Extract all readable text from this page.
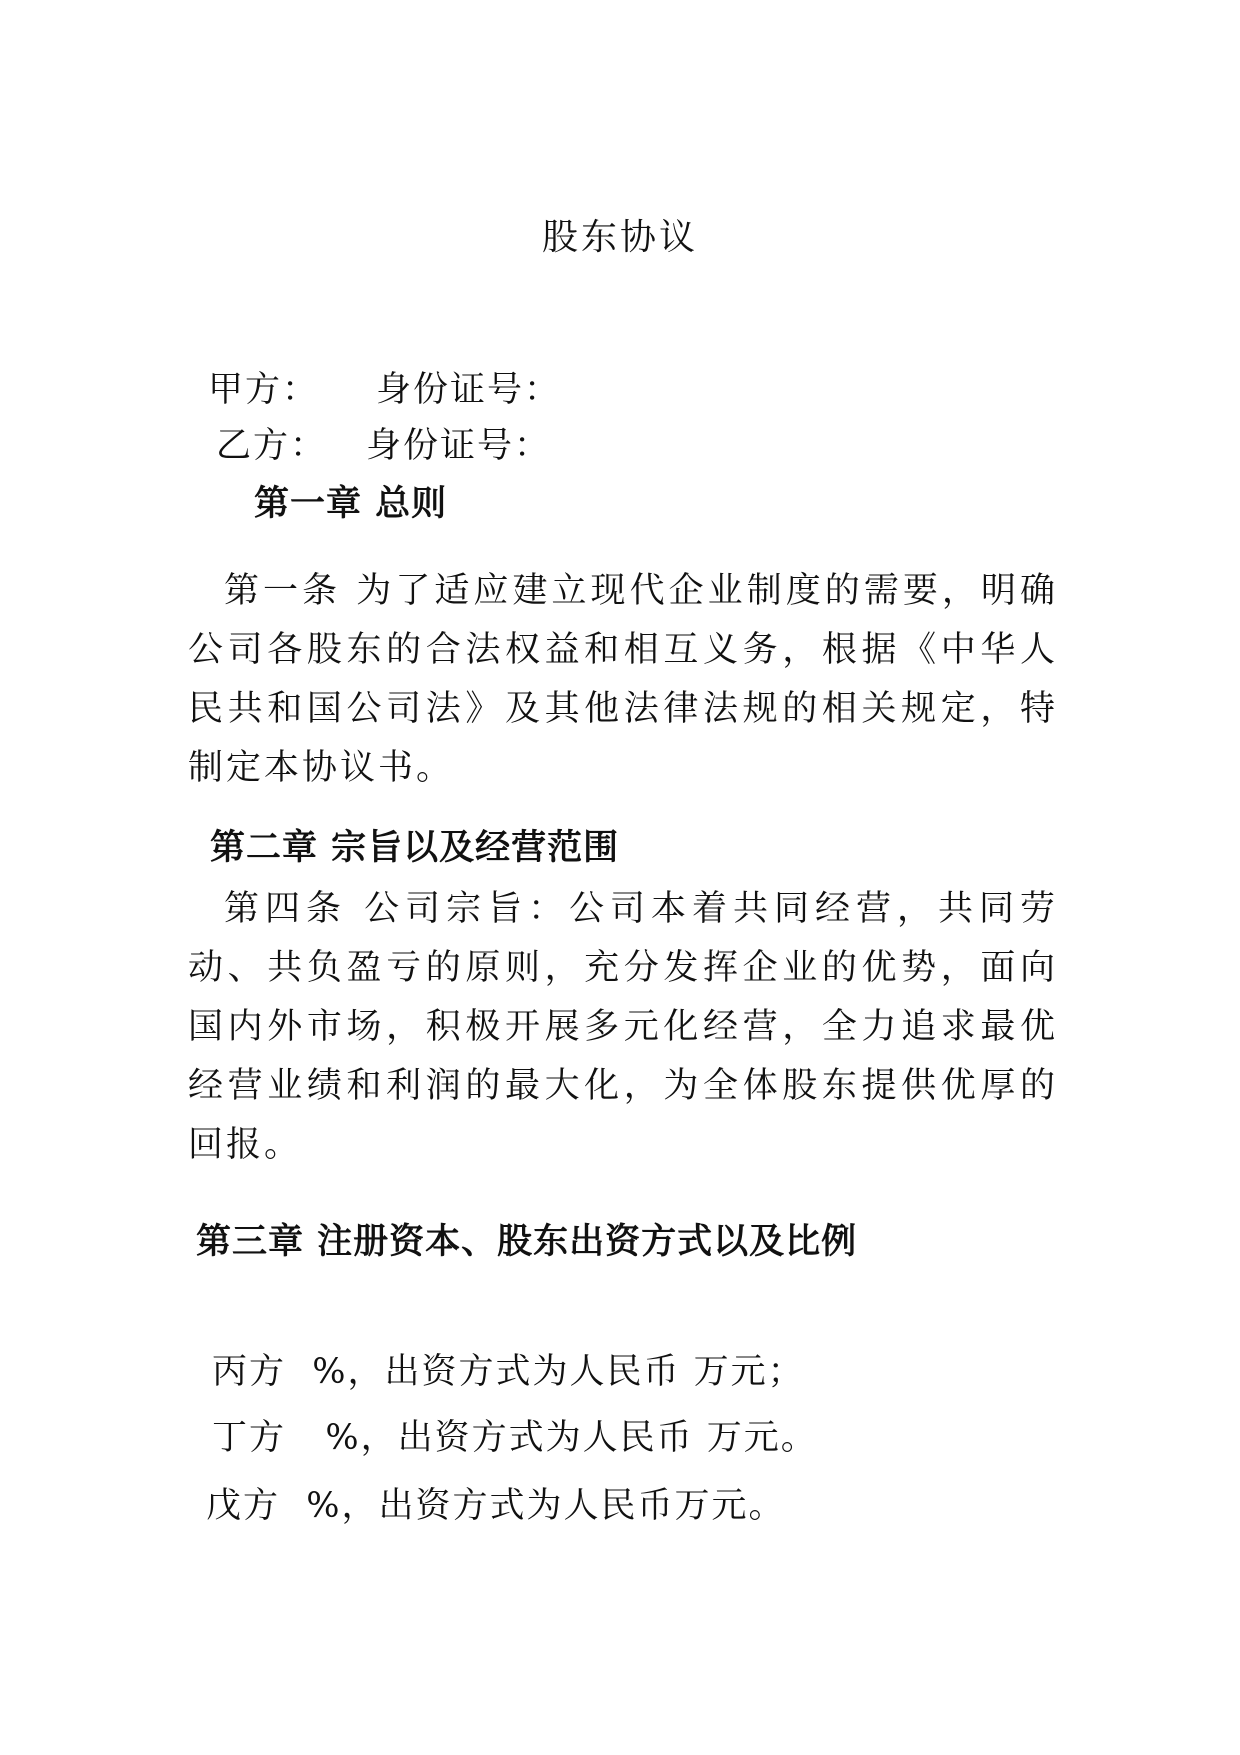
股东协议
甲方： 身份证号：
乙方： 身份证号：
第一章 总则
第一条 为了适应建立现代企业制度的需要，明确公司各股东的合法权益和相互义务，根据《中华人民共和国公司法》及其他法律法规的相关规定，特制定本协议书。
第二章 宗旨以及经营范围
第四条 公司宗旨：公司本着共同经营，共同劳动、共负盈亏的原则，充分发挥企业的优势，面向国内外市场，积极开展多元化经营，全力追求最优经营业绩和利润的最大化，为全体股东提供优厚的回报。
第三章 注册资本、股东出资方式以及比例
丙方  %，出资方式为人民币 万元；
丁方   %，出资方式为人民币 万元。
戊方  %，出资方式为人民币万元。
